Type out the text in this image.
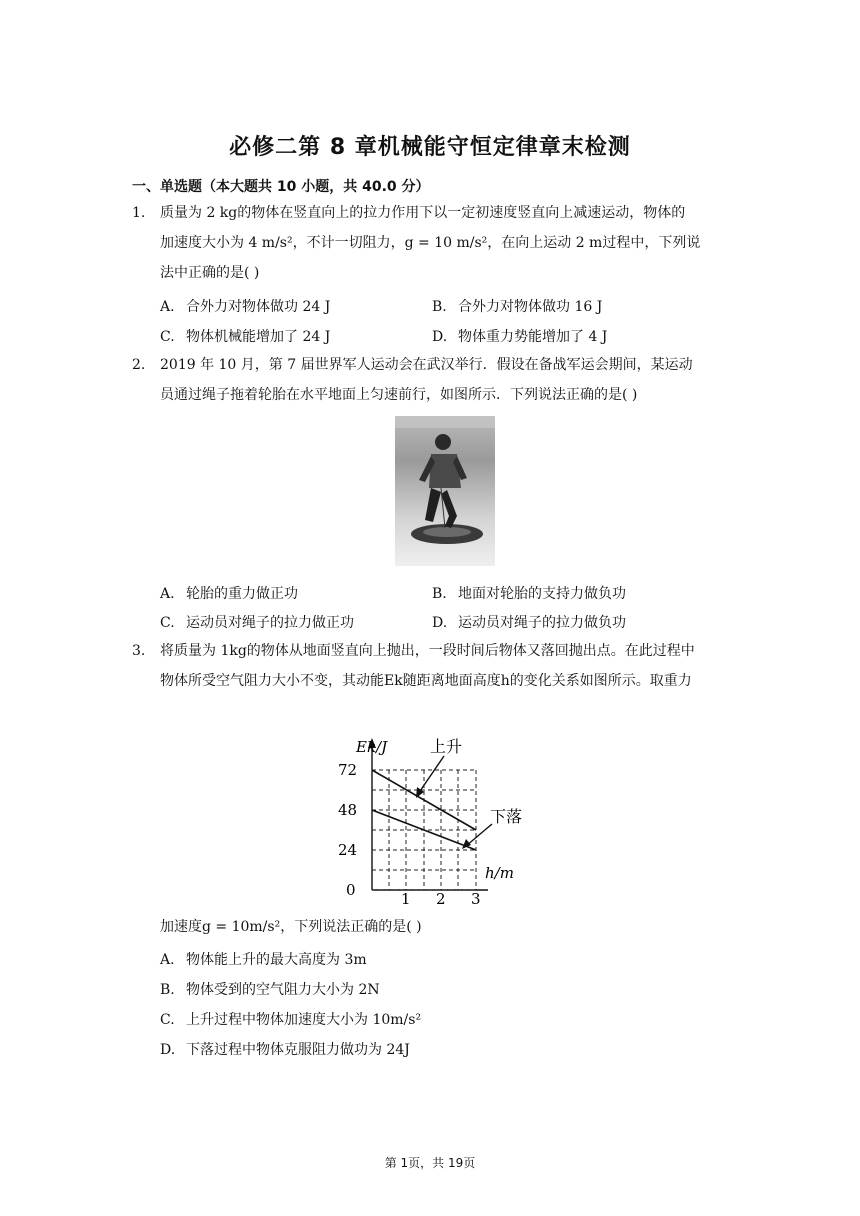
必修二第 8 章机械能守恒定律章末检测
一、单选题（本大题共 10 小题，共 40.0 分）
1. 质量为 2 kg的物体在竖直向上的拉力作用下以一定初速度竖直向上减速运动，物体的
加速度大小为 4 m/s²，不计一切阻力，g = 10 m/s²，在向上运动 2 m过程中，下列说
法中正确的是( )
A. 合外力对物体做功 24 J	B. 合外力对物体做功 16 J
C. 物体机械能增加了 24 J	D. 物体重力势能增加了 4 J
2. 2019 年 10 月，第 7 届世界军人运动会在武汉举行．假设在备战军运会期间，某运动
员通过绳子拖着轮胎在水平地面上匀速前行，如图所示．下列说法正确的是( )
A. 轮胎的重力做正功	B. 地面对轮胎的支持力做负功
C. 运动员对绳子的拉力做正功	D. 运动员对绳子的拉力做负功
3. 将质量为 1kg的物体从地面竖直向上抛出，一段时间后物体又落回抛出点。在此过程中
物体所受空气阻力大小不变，其动能Ek随距离地面高度h的变化关系如图所示。取重力
Ek/J	上升
下落
h/m
72
48
24
0	1 2 3
加速度g = 10m/s²，下列说法正确的是( )
A. 物体能上升的最大高度为 3m
B. 物体受到的空气阻力大小为 2N
C. 上升过程中物体加速度大小为 10m/s²
D. 下落过程中物体克服阻力做功为 24J
第 1页，共 19页
